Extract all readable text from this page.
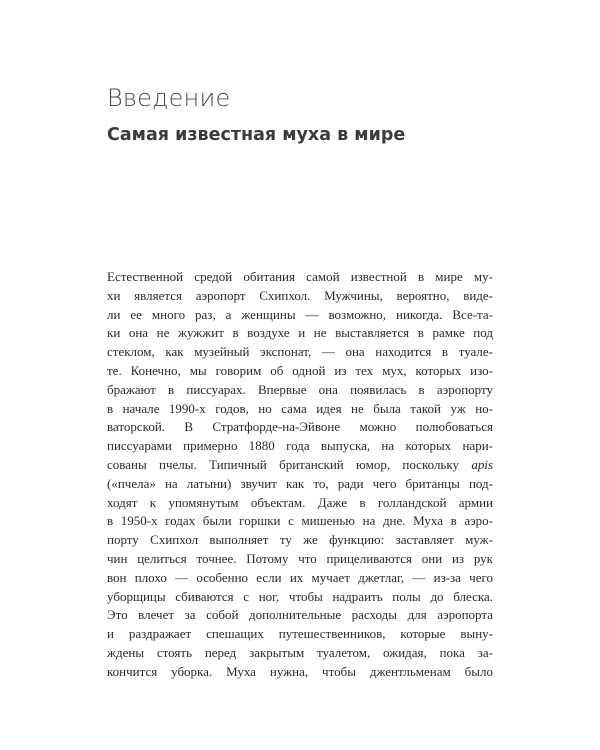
Введение
Самая известная муха в мире
Естественной средой обитания самой известной в мире му-
хи является аэропорт Схипхол. Мужчины, вероятно, виде-
ли ее много раз, а женщины — возможно, никогда. Все-та-
ки она не жужжит в воздухе и не выставляется в рамке под
стеклом, как музейный экспонат, — она находится в туале-
те. Конечно, мы говорим об одной из тех мух, которых изо-
бражают в писсуарах. Впервые она появилась в аэропорту
в начале 1990-х годов, но сама идея не была такой уж но-
ваторской. В Стратфорде-на-Эйвоне можно полюбоваться
писсуарами примерно 1880 года выпуска, на которых нари-
сованы пчелы. Типичный британский юмор, поскольку apis
(«пчела» на латыни) звучит как то, ради чего британцы под-
ходят к упомянутым объектам. Даже в голландской армии
в 1950-х годах были горшки с мишенью на дне. Муха в аэро-
порту Схипхол выполняет ту же функцию: заставляет муж-
чин целиться точнее. Потому что прицеливаются они из рук
вон плохо — особенно если их мучает джетлаг, — из-за чего
уборщицы сбиваются с ног, чтобы надраить полы до блеска.
Это влечет за собой дополнительные расходы для аэропорта
и раздражает спешащих путешественников, которые выну-
ждены стоять перед закрытым туалетом, ожидая, пока за-
кончится уборка. Муха нужна, чтобы джентльменам было
